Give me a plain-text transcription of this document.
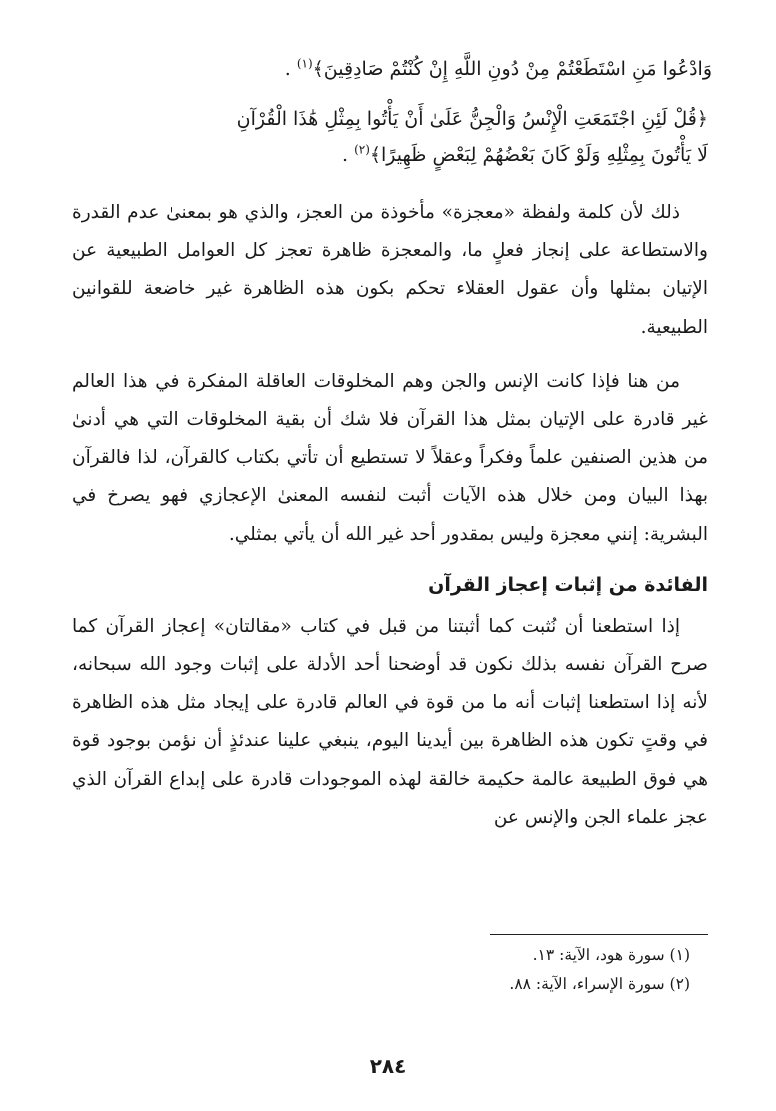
وَادْعُوا مَنِ اسْتَطَعْتُمْ مِنْ دُونِ اللَّهِ إِنْ كُنْتُمْ صَادِقِينَ﴾$^{(١)}$ .

﴿قُلْ لَئِنِ اجْتَمَعَتِ الْإِنْسُ وَالْجِنُّ عَلَىٰ أَنْ يَأْتُوا بِمِثْلِ هَٰذَا الْقُرْآنِ

لَا يَأْتُونَ بِمِثْلِهِ وَلَوْ كَانَ بَعْضُهُمْ لِبَعْضٍ ظَهِيرًا﴾$^{(٢)}$ .

ذلك لأن كلمة ولفظة «معجزة» مأخوذة من العجز، والذي هو بمعنىٰ عدم القدرة والاستطاعة على إنجاز فعلٍ ما، والمعجزة ظاهرة تعجز كل العوامل الطبيعية عن الإتيان بمثلها وأن عقول العقلاء تحكم بكون هذه الظاهرة غير خاضعة للقوانين الطبيعية.

من هنا فإذا كانت الإنس والجن وهم المخلوقات العاقلة المفكرة في هذا العالم غير قادرة على الإتيان بمثل هذا القرآن فلا شك أن بقية المخلوقات التي هي أدنىٰ من هذين الصنفين علماً وفكراً وعقلاً لا تستطيع أن تأتي بكتاب كالقرآن، لذا فالقرآن بهذا البيان ومن خلال هذه الآيات أثبت لنفسه المعنىٰ الإعجازي فهو يصرخ في البشرية: إنني معجزة وليس بمقدور أحد غير الله أن يأتي بمثلي.

الفائدة من إثبات إعجاز القرآن

إذا استطعنا أن نُثبت كما أثبتنا من قبل في كتاب «مقالتان» إعجاز القرآن كما صرح القرآن نفسه بذلك نكون قد أوضحنا أحد الأدلة على إثبات وجود الله سبحانه، لأنه إذا استطعنا إثبات أنه ما من قوة في العالم قادرة على إيجاد مثل هذه الظاهرة في وقتٍ تكون هذه الظاهرة بين أيدينا اليوم، ينبغي علينا عندئذٍ أن نؤمن بوجود قوة هي فوق الطبيعة عالمة حكيمة خالقة لهذه الموجودات قادرة على إبداع القرآن الذي عجز علماء الجن والإنس عن

(١) سورة هود، الآية: ١٣.

(٢) سورة الإسراء، الآية: ٨٨.

٢٨٤
